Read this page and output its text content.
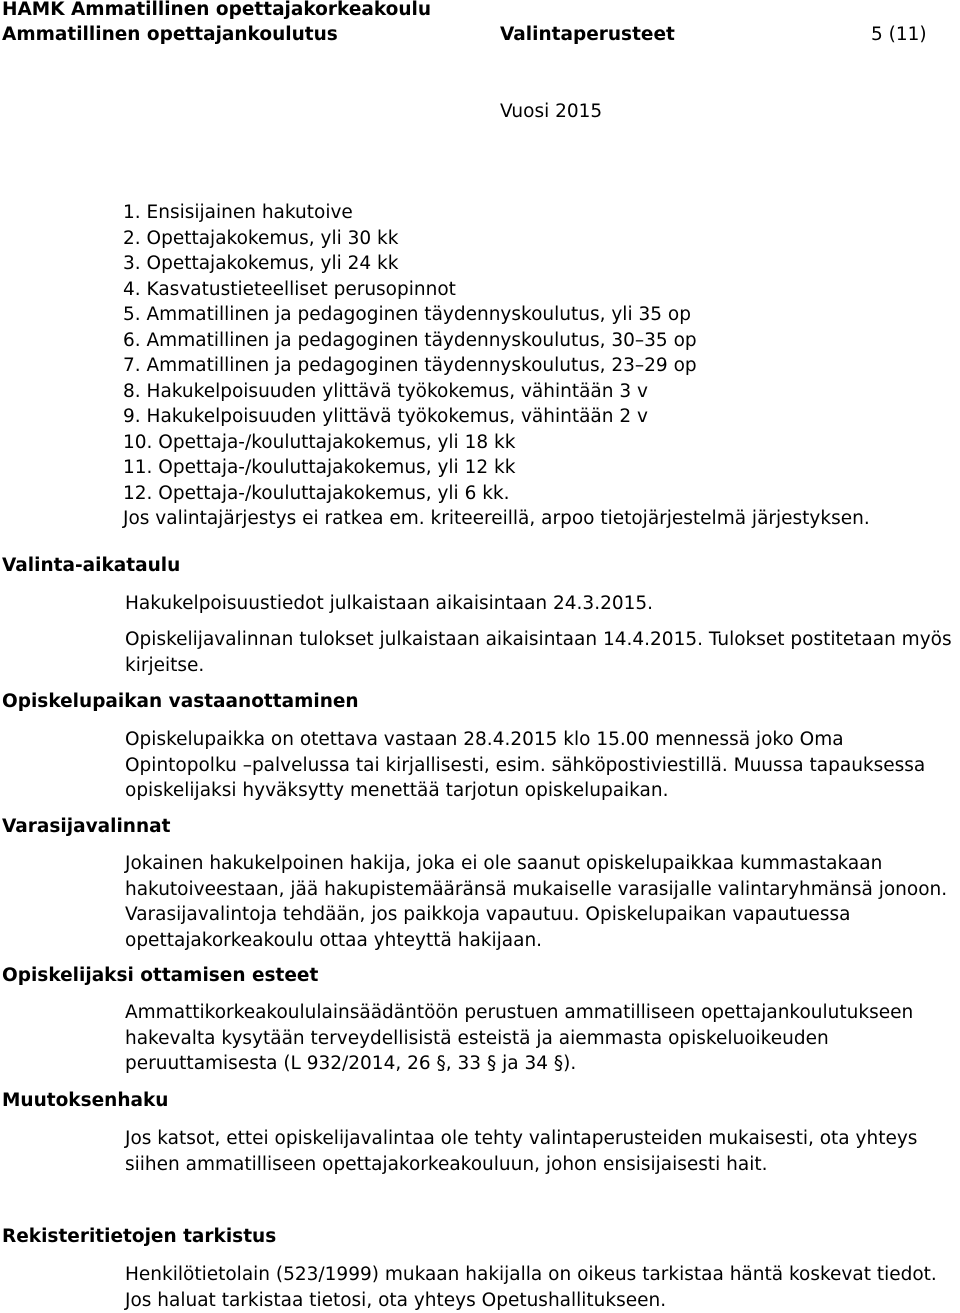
HAMK Ammatillinen opettajakorkeakoulu
Ammatillinen opettajankoulutus	Valintaperusteet	5 (11)
Vuosi 2015
1. Ensisijainen hakutoive
2. Opettajakokemus, yli 30 kk
3. Opettajakokemus, yli 24 kk
4. Kasvatustieteelliset perusopinnot
5. Ammatillinen ja pedagoginen täydennyskoulutus, yli 35 op
6. Ammatillinen ja pedagoginen täydennyskoulutus, 30–35 op
7. Ammatillinen ja pedagoginen täydennyskoulutus, 23–29 op
8. Hakukelpoisuuden ylittävä työkokemus, vähintään 3 v
9. Hakukelpoisuuden ylittävä työkokemus, vähintään 2 v
10. Opettaja-/kouluttajakokemus, yli 18 kk
11. Opettaja-/kouluttajakokemus, yli 12 kk
12. Opettaja-/kouluttajakokemus, yli 6 kk.
Jos valintajärjestys ei ratkea em. kriteereillä, arpoo tietojärjestelmä järjestyksen.
Valinta-aikataulu
Hakukelpoisuustiedot julkaistaan aikaisintaan 24.3.2015.
Opiskelijavalinnan tulokset julkaistaan aikaisintaan 14.4.2015. Tulokset postitetaan myös kirjeitse.
Opiskelupaikan vastaanottaminen
Opiskelupaikka on otettava vastaan 28.4.2015 klo 15.00 mennessä joko Oma Opintopolku –palvelussa tai kirjallisesti, esim. sähköpostiviestillä. Muussa tapauksessa opiskelijaksi hyväksytty menettää tarjotun opiskelupaikan.
Varasijavalinnat
Jokainen hakukelpoinen hakija, joka ei ole saanut opiskelupaikkaa kummastakaan hakutoiveestaan, jää hakupistemääränsä mukaiselle varasijalle valintaryhmänsä jonoon. Varasijavalintoja tehdään, jos paikkoja vapautuu. Opiskelupaikan vapautuessa opettajakorkeakoulu ottaa yhteyttä hakijaan.
Opiskelijaksi ottamisen esteet
Ammattikorkeakoululainsäädäntöön perustuen ammatilliseen opettajankoulutukseen hakevalta kysytään terveydellisistä esteistä ja aiemmasta opiskeluoikeuden peruuttamisesta (L 932/2014, 26 §, 33 § ja 34 §).
Muutoksenhaku
Jos katsot, ettei opiskelijavalintaa ole tehty valintaperusteiden mukaisesti, ota yhteys siihen ammatilliseen opettajakorkeakouluun, johon ensisijaisesti hait.
Rekisteritietojen tarkistus
Henkilötietolain (523/1999) mukaan hakijalla on oikeus tarkistaa häntä koskevat tiedot. Jos haluat tarkistaa tietosi, ota yhteys Opetushallitukseen.
